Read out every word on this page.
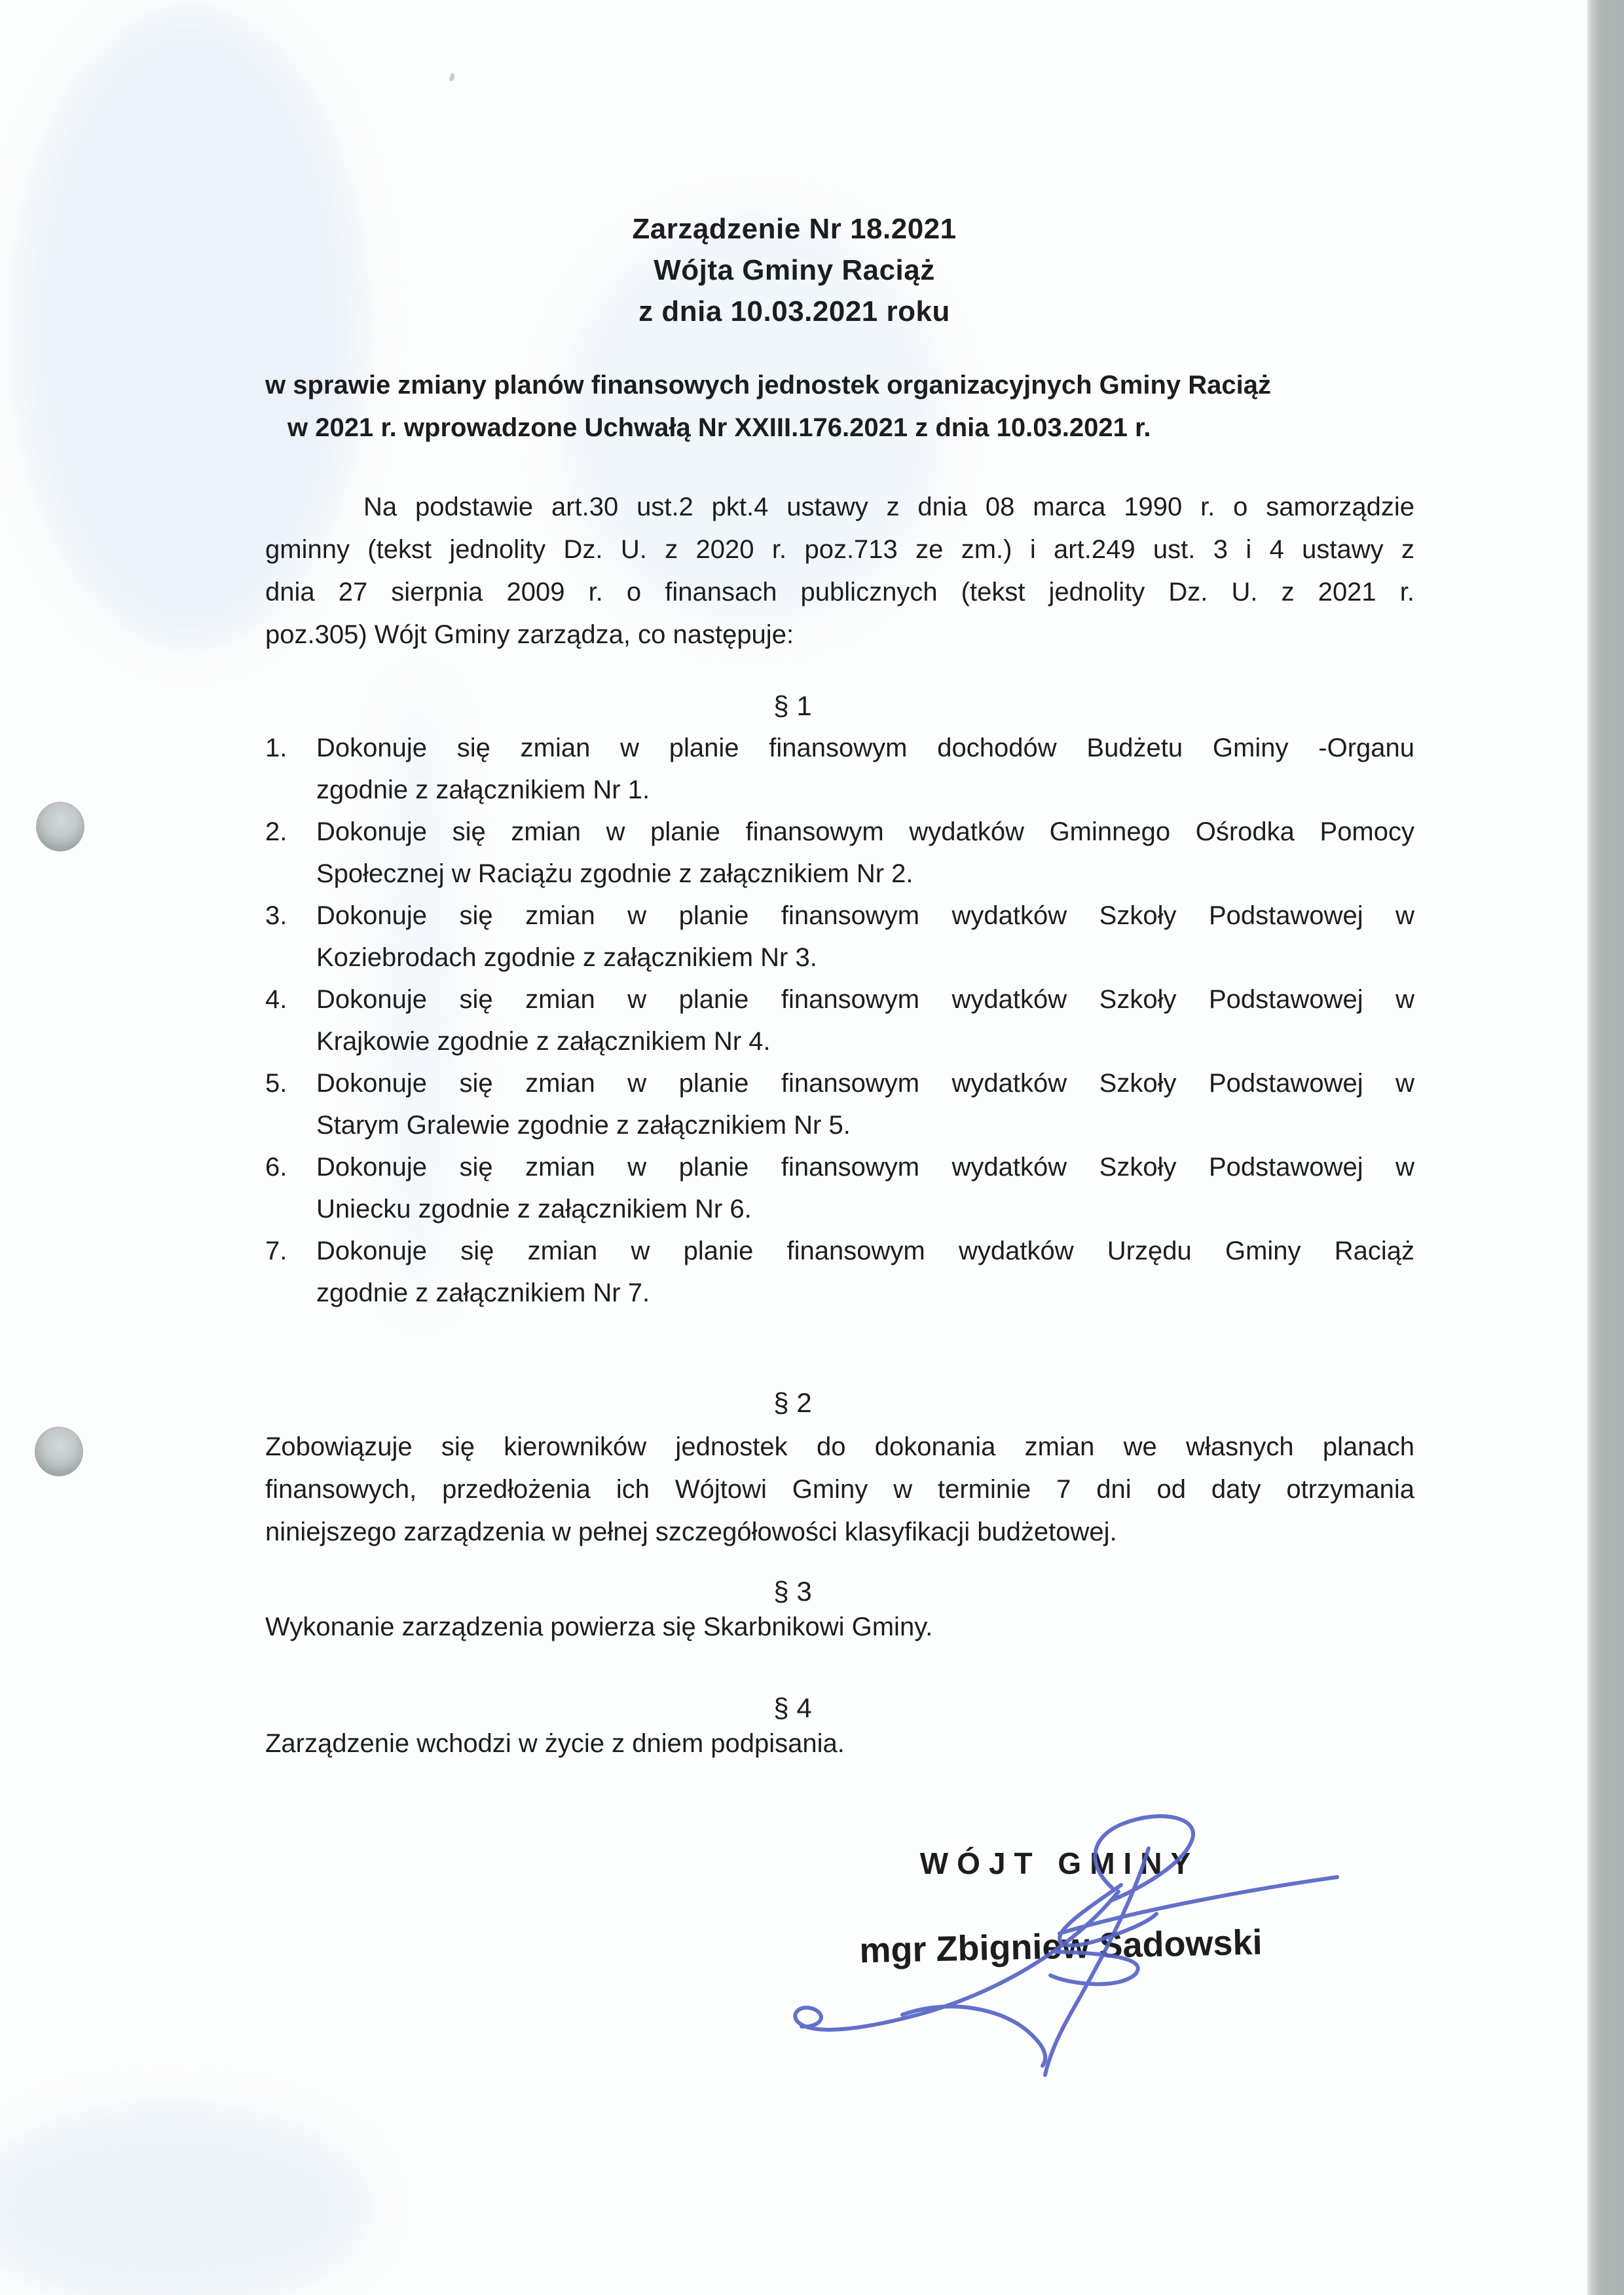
Zarządzenie Nr 18.2021
Wójta Gminy Raciąż
z dnia 10.03.2021 roku
w sprawie zmiany planów finansowych jednostek organizacyjnych Gminy Raciąż
w 2021 r. wprowadzone Uchwałą Nr XXIII.176.2021 z dnia 10.03.2021 r.
Na podstawie art.30 ust.2 pkt.4 ustawy z dnia 08 marca 1990 r. o samorządzie
gminny (tekst jednolity Dz. U. z 2020 r. poz.713 ze zm.) i art.249 ust. 3 i 4 ustawy z
dnia 27 sierpnia 2009 r. o finansach publicznych (tekst jednolity Dz. U. z 2021 r.
poz.305) Wójt Gminy zarządza, co następuje:
§ 1
1.	Dokonuje się zmian w planie finansowym dochodów Budżetu Gminy -Organu
zgodnie z załącznikiem Nr 1.
2.	Dokonuje się zmian w planie finansowym wydatków Gminnego Ośrodka Pomocy
Społecznej w Raciążu zgodnie z załącznikiem Nr 2.
3.	Dokonuje się zmian w planie finansowym wydatków Szkoły Podstawowej w
Koziebrodach zgodnie z załącznikiem Nr 3.
4.	Dokonuje się zmian w planie finansowym wydatków Szkoły Podstawowej w
Krajkowie zgodnie z załącznikiem Nr 4.
5.	Dokonuje się zmian w planie finansowym wydatków Szkoły Podstawowej w
Starym Gralewie zgodnie z załącznikiem Nr 5.
6.	Dokonuje się zmian w planie finansowym wydatków Szkoły Podstawowej w
Uniecku zgodnie z załącznikiem Nr 6.
7.	Dokonuje się zmian w planie finansowym wydatków Urzędu Gminy Raciąż
zgodnie z załącznikiem Nr 7.
§ 2
Zobowiązuje się kierowników jednostek do dokonania zmian we własnych planach
finansowych, przedłożenia ich Wójtowi Gminy w terminie 7 dni od daty otrzymania
niniejszego zarządzenia w pełnej szczegółowości klasyfikacji budżetowej.
§ 3
Wykonanie zarządzenia powierza się Skarbnikowi Gminy.
§ 4
Zarządzenie wchodzi w życie z dniem podpisania.
WÓJT GMINY
mgr Zbigniew Sadowski
